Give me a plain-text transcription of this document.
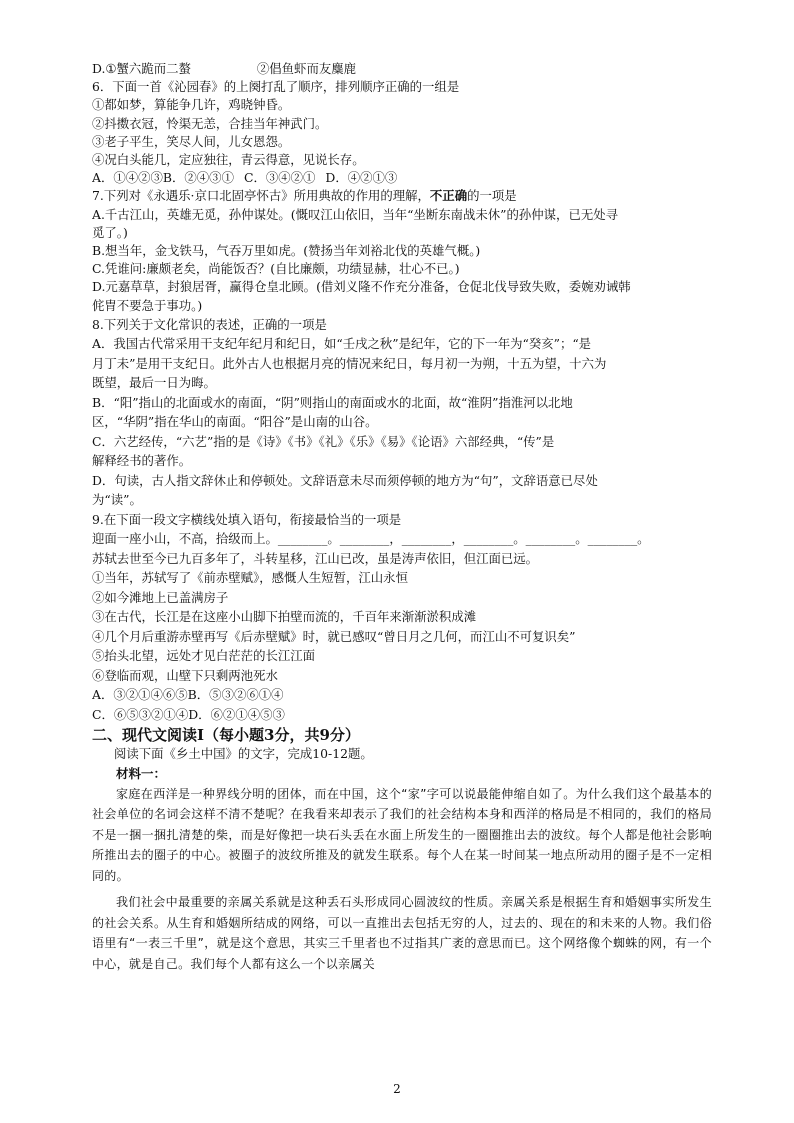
D.①蟹六跪而二螯	②倡鱼虾而友麋鹿
6．下面一首《沁园春》的上阕打乱了顺序，排列顺序正确的一组是
①都如梦，算能争几许，鸡晓钟昏。
②抖擞衣冠，怜渠无恙，合挂当年神武门。
③老子平生，笑尽人间，儿女恩怨。
④况白头能几，定应独往，青云得意，见说长存。
A．①④②③B．②④③① C．③④②① D．④②①③
7.下列对《永遇乐·京口北固亭怀古》所用典故的作用的理解，不正确的一项是
A.千古江山，英雄无觅，孙仲谋处。(慨叹江山依旧，当年“坐断东南战未休”的孙仲谋，已无处寻
觅了。)
B.想当年，金戈铁马，气吞万里如虎。(赞扬当年刘裕北伐的英雄气概。)
C.凭谁问:廉颇老矣，尚能饭否？(自比廉颇，功绩显赫，壮心不已。)
D.元嘉草草，封狼居胥，赢得仓皇北顾。(借刘义隆不作充分准备，仓促北伐导致失败，委婉劝诫韩
侂胄不要急于事功。)
8.下列关于文化常识的表述，正确的一项是
A．我国古代常采用干支纪年纪月和纪日，如“壬戌之秋”是纪年，它的下一年为“癸亥”；“是
月丁未”是用干支纪日。此外古人也根据月亮的情况来纪日，每月初一为朔，十五为望，十六为
既望，最后一日为晦。
B．“阳”指山的北面或水的南面，“阴”则指山的南面或水的北面，故“淮阴”指淮河以北地
区，“华阴”指在华山的南面。“阳谷”是山南的山谷。
C．六艺经传，“六艺”指的是《诗》《书》《礼》《乐》《易》《论语》六部经典，“传”是
解释经书的著作。
D．句读，古人指文辞休止和停顿处。文辞语意未尽而须停顿的地方为“句”，文辞语意已尽处
为“读”。
9.在下面一段文字横线处填入语句，衔接最恰当的一项是
迎面一座小山，不高，拾级而上。________。________，________，________。________。________。
苏轼去世至今已九百多年了，斗转星移，江山已改，虽是涛声依旧，但江面已远。
①当年，苏轼写了《前赤壁赋》，感慨人生短暂，江山永恒
②如今滩地上已盖满房子
③在古代，长江是在这座小山脚下拍壁而流的，千百年来渐渐淤积成滩
④几个月后重游赤壁再写《后赤壁赋》时，就已感叹“曾日月之几何，而江山不可复识矣”
⑤抬头北望，远处才见白茫茫的长江江面
⑥登临而观，山壁下只剩两池死水
A．③②①④⑥⑤B．⑤③②⑥①④
C．⑥⑤③②①④D．⑥②①④⑤③
二、现代文阅读Ⅰ（每小题3分，共9分）
阅读下面《乡土中国》的文字，完成10-12题。
材料一：
家庭在西洋是一种界线分明的团体，而在中国，这个“家”字可以说最能伸缩自如了。为什么我们这个最基本的社会单位的名词会这样不清不楚呢？在我看来却表示了我们的社会结构本身和西洋的格局是不相同的，我们的格局不是一捆一捆扎清楚的柴，而是好像把一块石头丢在水面上所发生的一圈圈推出去的波纹。每个人都是他社会影响所推出去的圈子的中心。被圈子的波纹所推及的就发生联系。每个人在某一时间某一地点所动用的圈子是不一定相同的。
我们社会中最重要的亲属关系就是这种丢石头形成同心圆波纹的性质。亲属关系是根据生育和婚姻事实所发生的社会关系。从生育和婚姻所结成的网络，可以一直推出去包括无穷的人，过去的、现在的和未来的人物。我们俗语里有“一表三千里”，就是这个意思，其实三千里者也不过指其广袤的意思而已。这个网络像个蜘蛛的网，有一个中心，就是自己。我们每个人都有这么一个以亲属关
2
